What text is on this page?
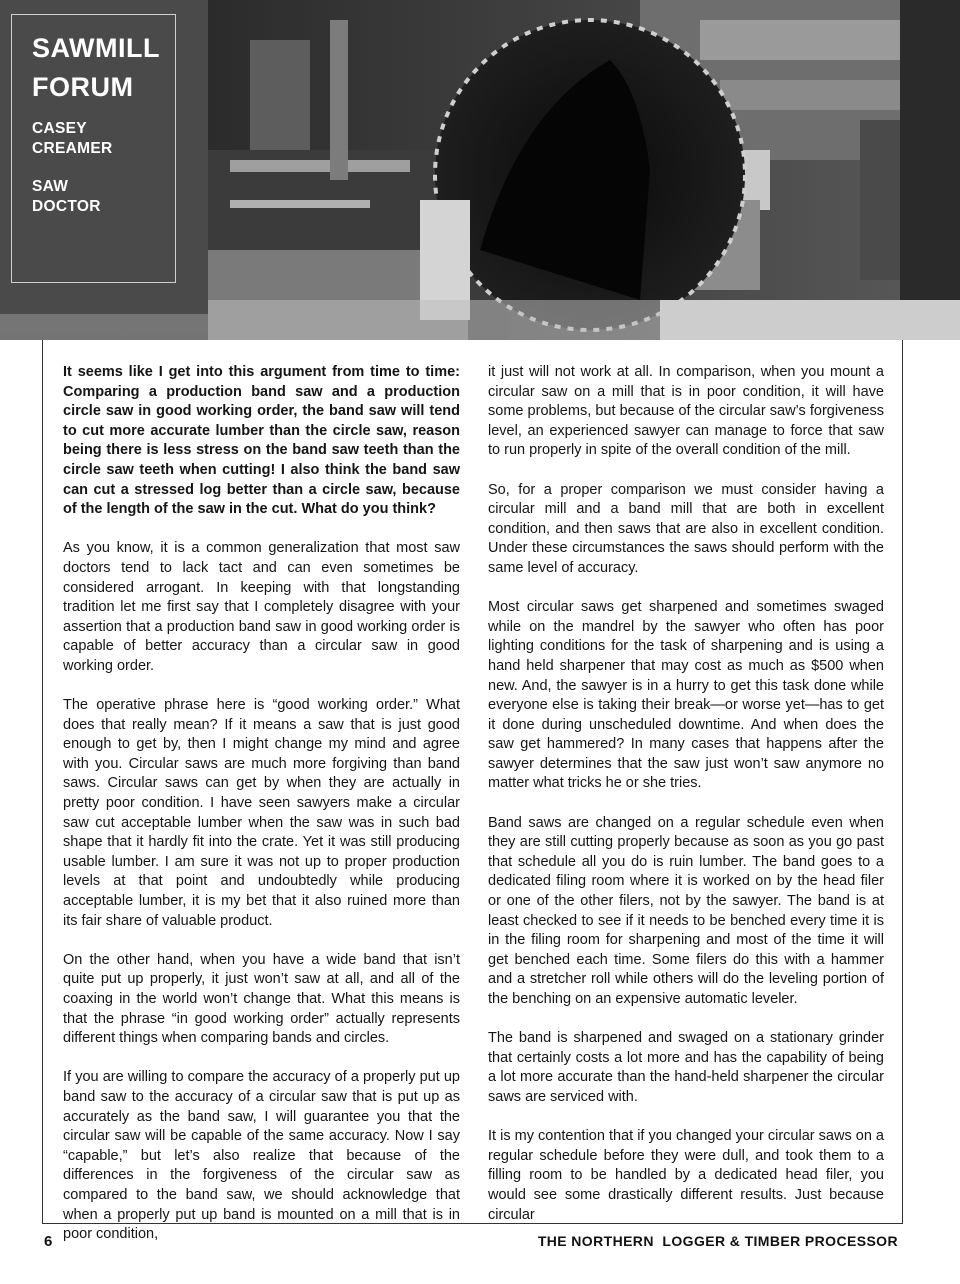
SAWMILL
FORUM
CASEY
CREAMER
SAW
DOCTOR

It seems like I get into this argument from time to time: Comparing a production band saw and a production circle saw in good working order, the band saw will tend to cut more accurate lumber than the circle saw, reason being there is less stress on the band saw teeth than the circle saw teeth when cutting! I also think the band saw can cut a stressed log better than a circle saw, because of the length of the saw in the cut. What do you think?

As you know, it is a common generalization that most saw doctors tend to lack tact and can even sometimes be considered arrogant. In keeping with that longstanding tradition let me first say that I completely disagree with your assertion that a production band saw in good working order is capable of better accuracy than a circular saw in good working order.

The operative phrase here is “good working order.” What does that really mean? If it means a saw that is just good enough to get by, then I might change my mind and agree with you. Circular saws are much more forgiving than band saws. Circular saws can get by when they are actually in pretty poor condition. I have seen sawyers make a circular saw cut acceptable lumber when the saw was in such bad shape that it hardly fit into the crate. Yet it was still producing usable lumber. I am sure it was not up to proper production levels at that point and undoubtedly while producing acceptable lumber, it is my bet that it also ruined more than its fair share of valuable product.

On the other hand, when you have a wide band that isn’t quite put up properly, it just won’t saw at all, and all of the coaxing in the world won’t change that. What this means is that the phrase “in good working order” actually represents different things when comparing bands and circles.

If you are willing to compare the accuracy of a properly put up band saw to the accuracy of a circular saw that is put up as accurately as the band saw, I will guarantee you that the circular saw will be capable of the same accuracy. Now I say “capable,” but let’s also realize that because of the differences in the forgiveness of the circular saw as compared to the band saw, we should acknowledge that when a properly put up band is mounted on a mill that is in poor condition,

it just will not work at all. In comparison, when you mount a circular saw on a mill that is in poor condition, it will have some problems, but because of the circular saw’s forgiveness level, an experienced sawyer can manage to force that saw to run properly in spite of the overall condition of the mill.

So, for a proper comparison we must consider having a circular mill and a band mill that are both in excellent condition, and then saws that are also in excellent condition. Under these circumstances the saws should perform with the same level of accuracy.

Most circular saws get sharpened and sometimes swaged while on the mandrel by the sawyer who often has poor lighting conditions for the task of sharpening and is using a hand held sharpener that may cost as much as $500 when new. And, the sawyer is in a hurry to get this task done while everyone else is taking their break—or worse yet—has to get it done during unscheduled downtime. And when does the saw get hammered? In many cases that happens after the sawyer determines that the saw just won’t saw anymore no matter what tricks he or she tries.

Band saws are changed on a regular schedule even when they are still cutting properly because as soon as you go past that schedule all you do is ruin lumber. The band goes to a dedicated filing room where it is worked on by the head filer or one of the other filers, not by the sawyer. The band is at least checked to see if it needs to be benched every time it is in the filing room for sharpening and most of the time it will get benched each time. Some filers do this with a hammer and a stretcher roll while others will do the leveling portion of the benching on an expensive automatic leveler.

The band is sharpened and swaged on a stationary grinder that certainly costs a lot more and has the capability of being a lot more accurate than the hand-held sharpener the circular saws are serviced with.

It is my contention that if you changed your circular saws on a regular schedule before they were dull, and took them to a filling room to be handled by a dedicated head filer, you would see some drastically different results. Just because circular

6	THE NORTHERN  LOGGER & TIMBER PROCESSOR
